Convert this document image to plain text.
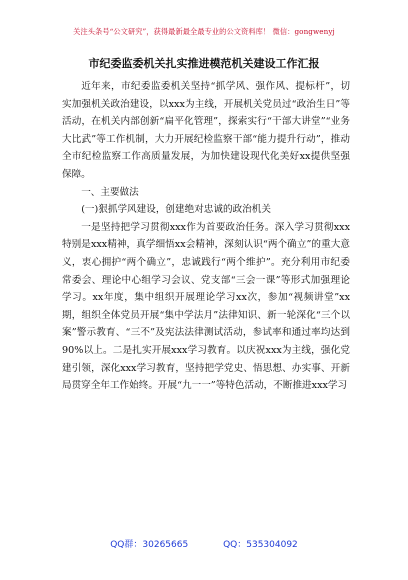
关注头条号“公文研究”，获得最新最全最专业的公文资料库！ 微信：gongwenyj
市纪委监委机关扎实推进模范机关建设工作汇报

近年来，市纪委监委机关坚持“抓学风、强作风、提标杆”，切实加强机关政治建设，以xxx为主线，开展机关党员过“政治生日”等活动，在机关内部创新“扁平化管理”，探索实行“干部大讲堂”“业务大比武”等工作机制，大力开展纪检监察干部“能力提升行动”，推动全市纪检监察工作高质量发展，为加快建设现代化美好xx提供坚强保障。

一、主要做法

(一)狠抓学风建设，创建绝对忠诚的政治机关

一是坚持把学习贯彻xxx作为首要政治任务。深入学习贯彻xxx特别是xxx精神，真学细悟xx会精神，深刻认识“两个确立”的重大意义，衷心拥护“两个确立”，忠诚践行“两个维护”。充分利用市纪委常委会、理论中心组学习会议、党支部“三会一课”等形式加强理论学习。xx年度，集中组织开展理论学习xx次，参加“视频讲堂”xx期，组织全体党员开展“集中学法月”法律知识、新一轮深化“三个以案”警示教育、“三不”及宪法法律测试活动，参试率和通过率均达到90%以上。二是扎实开展xxx学习教育。以庆祝xxx为主线，强化党建引领，深化xxx学习教育，坚持把学党史、悟思想、办实事、开新局贯穿全年工作始终。开展“九一一”等特色活动，不断推进xxx学习

QQ群：30265665	QQ：535304092
